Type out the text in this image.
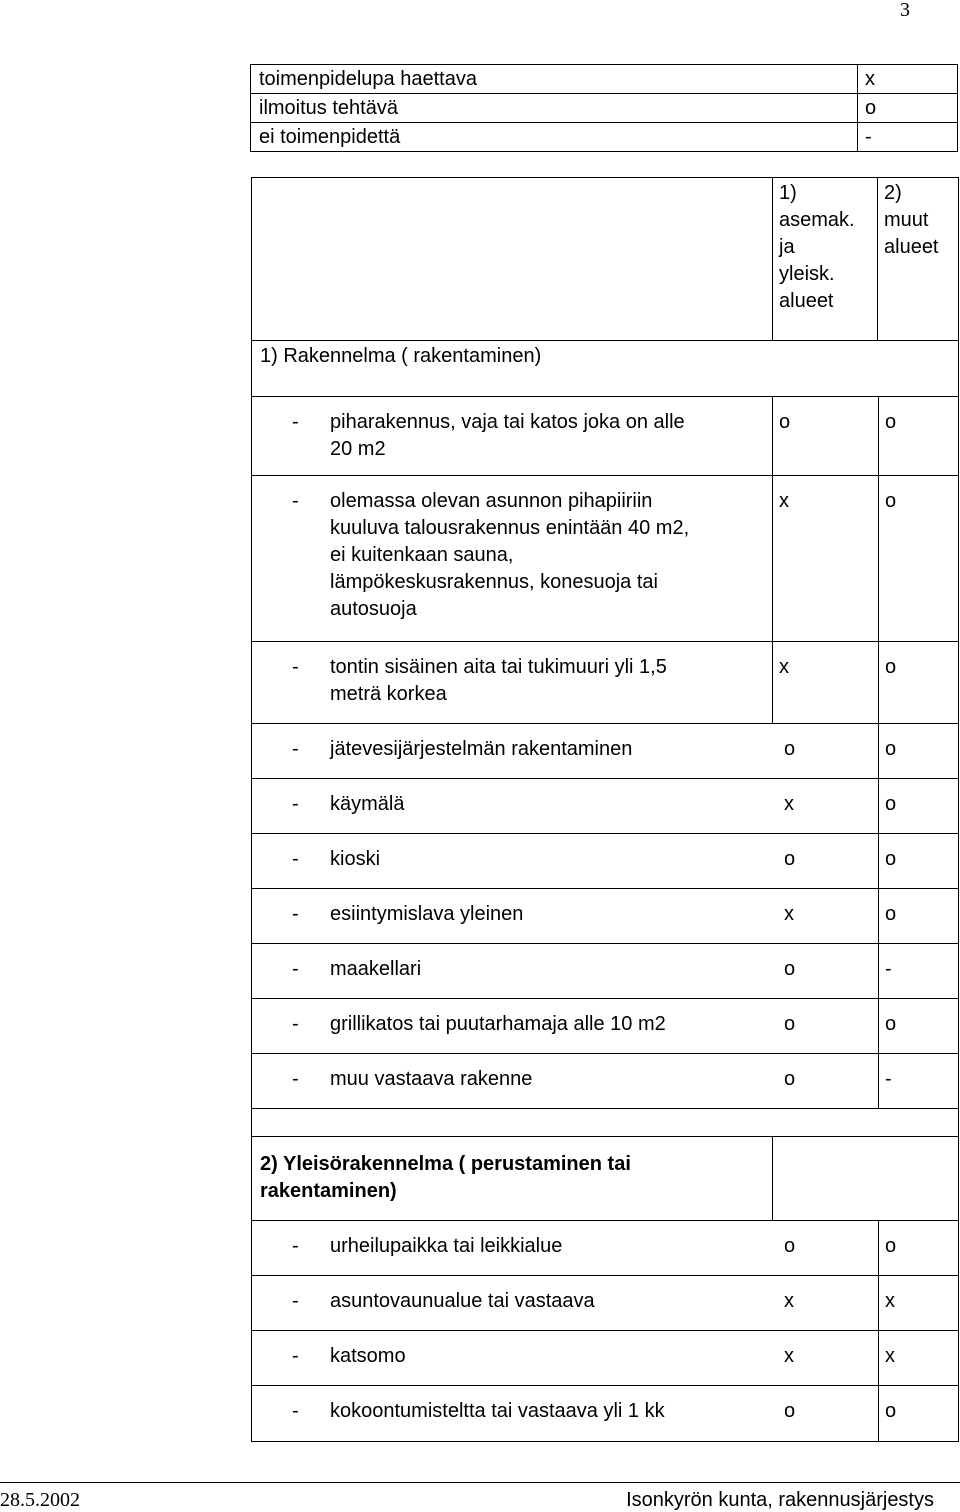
3
toimenpidelupa haettava	x
ilmoitus tehtävä	o
ei toimenpidettä	-
1)
asemak.
ja
yleisk.
alueet
2)
muut
alueet
1) Rakennelma ( rakentaminen)
-	piharakennus, vaja tai katos joka on alle
20 m2
o	o
-	olemassa olevan asunnon pihapiiriin
kuuluva talousrakennus enintään 40 m2,
ei kuitenkaan sauna,
lämpökeskusrakennus, konesuoja tai
autosuoja
x	o
-	tontin sisäinen aita tai tukimuuri yli 1,5
meträ korkea
x	o
-	jätevesijärjestelmän rakentaminen	o	o
-	käymälä	x	o
-	kioski	o	o
-	esiintymislava yleinen	x	o
-	maakellari	o	-
-	grillikatos tai puutarhamaja alle 10 m2	o	o
-	muu vastaava rakenne	o	-
2) Yleisörakennelma ( perustaminen tai
rakentaminen)
-	urheilupaikka tai leikkialue	o	o
-	asuntovaunualue tai vastaava	x	x
-	katsomo	x	x
-	kokoontumisteltta tai vastaava yli 1 kk	o	o
28.5.2002	Isonkyrön kunta, rakennusjärjestys
